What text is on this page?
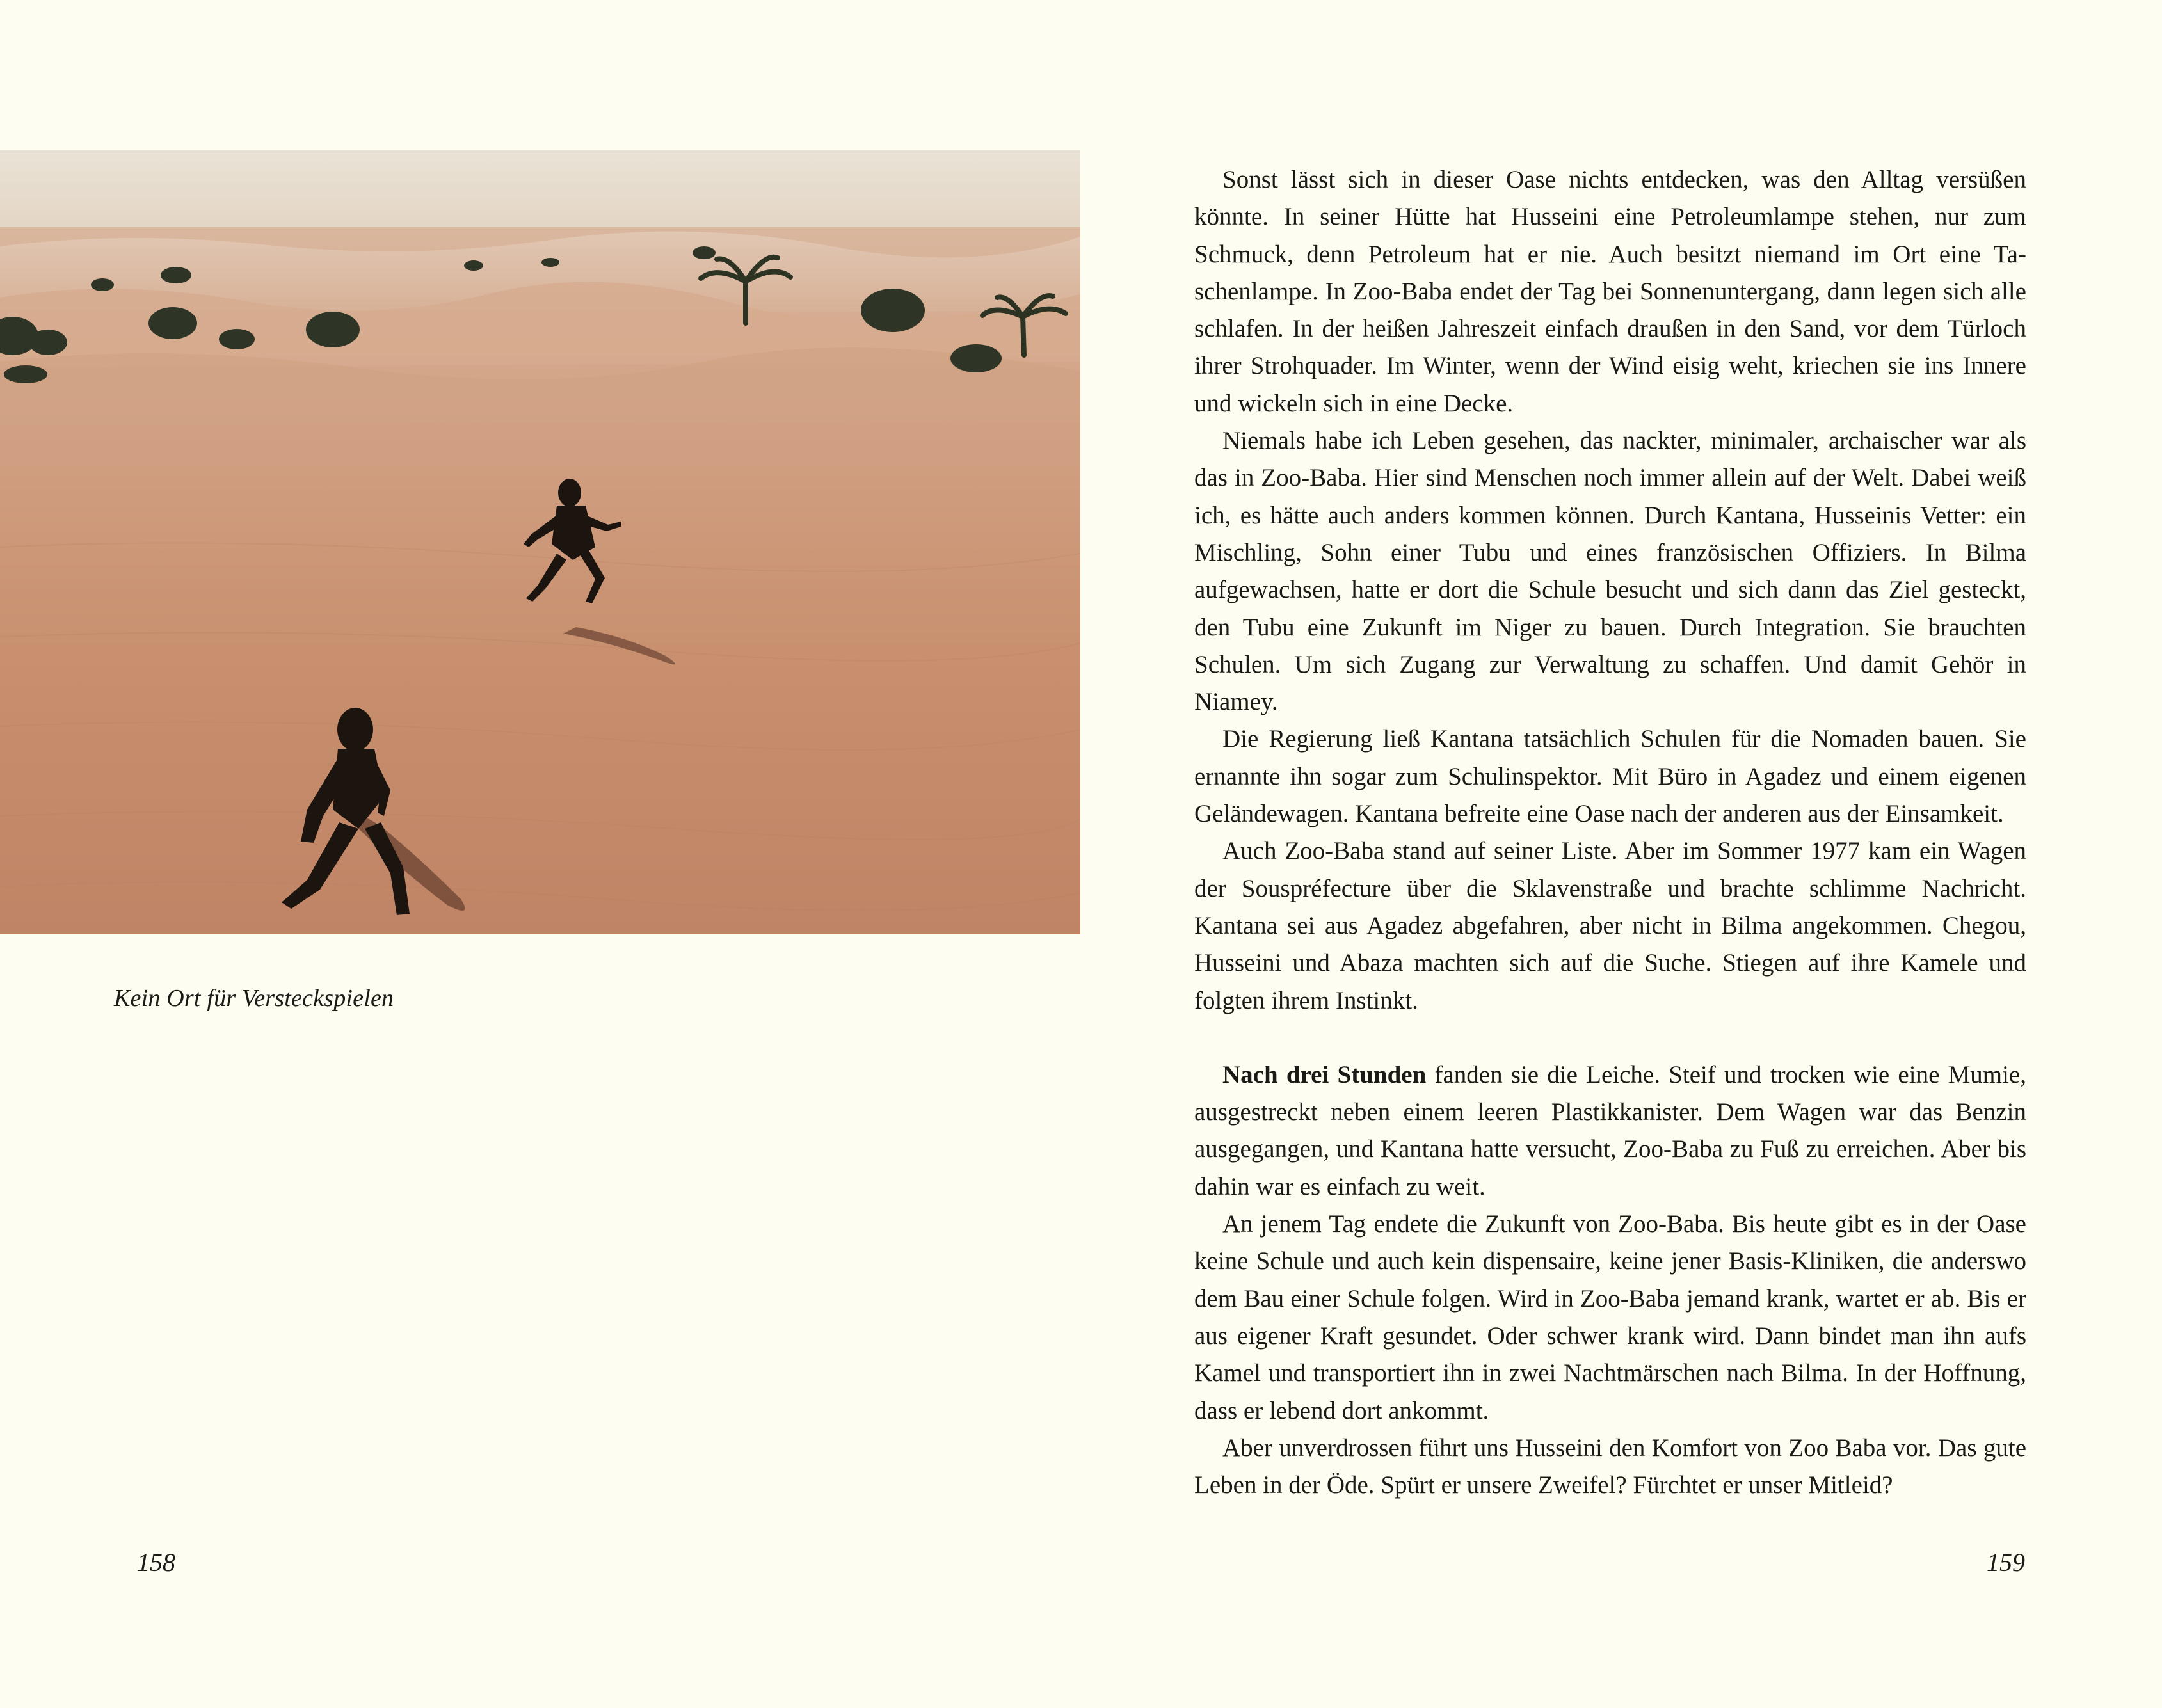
Kein Ort für Versteckspielen
158

Sonst lässt sich in dieser Oase nichts entdecken, was den Alltag versüßen könnte. In seiner Hütte hat Husseini eine Petroleumlampe stehen, nur zum Schmuck, denn Petroleum hat er nie. Auch besitzt niemand im Ort eine Taschenlampe. In Zoo-Baba endet der Tag bei Sonnenuntergang, dann legen sich alle schlafen. In der heißen Jahreszeit einfach draußen in den Sand, vor dem Türloch ihrer Strohquader. Im Winter, wenn der Wind eisig weht, kriechen sie ins Innere und wickeln sich in eine Decke.

Niemals habe ich Leben gesehen, das nackter, minimaler, archaischer war als das in Zoo-Baba. Hier sind Menschen noch immer allein auf der Welt. Dabei weiß ich, es hätte auch anders kommen können. Durch Kantana, Husseinis Vetter: ein Mischling, Sohn einer Tubu und eines französischen Offiziers. In Bilma aufgewachsen, hatte er dort die Schule besucht und sich dann das Ziel gesteckt, den Tubu eine Zukunft im Niger zu bauen. Durch Integration. Sie brauchten Schulen. Um sich Zugang zur Verwaltung zu schaffen. Und damit Gehör in Niamey.

Die Regierung ließ Kantana tatsächlich Schulen für die Nomaden bauen. Sie ernannte ihn sogar zum Schulinspektor. Mit Büro in Agadez und einem eigenen Geländewagen. Kantana befreite eine Oase nach der anderen aus der Einsamkeit.

Auch Zoo-Baba stand auf seiner Liste. Aber im Sommer 1977 kam ein Wagen der Souspréfecture über die Sklavenstraße und brachte schlimme Nachricht. Kantana sei aus Agadez abgefahren, aber nicht in Bilma angekommen. Chegou, Husseini und Abaza machten sich auf die Suche. Stiegen auf ihre Kamele und folgten ihrem Instinkt.

Nach drei Stunden fanden sie die Leiche. Steif und trocken wie eine Mumie, ausgestreckt neben einem leeren Plastikkanister. Dem Wagen war das Benzin ausgegangen, und Kantana hatte versucht, Zoo-Baba zu Fuß zu erreichen. Aber bis dahin war es einfach zu weit.

An jenem Tag endete die Zukunft von Zoo-Baba. Bis heute gibt es in der Oase keine Schule und auch kein dispensaire, keine jener Basis-Kliniken, die anderswo dem Bau einer Schule folgen. Wird in Zoo-Baba jemand krank, wartet er ab. Bis er aus eigener Kraft gesundet. Oder schwer krank wird. Dann bindet man ihn aufs Kamel und transportiert ihn in zwei Nachtmärschen nach Bilma. In der Hoffnung, dass er lebend dort ankommt.

Aber unverdrossen führt uns Husseini den Komfort von Zoo Baba vor. Das gute Leben in der Öde. Spürt er unsere Zweifel? Fürchtet er unser Mitleid?

159
